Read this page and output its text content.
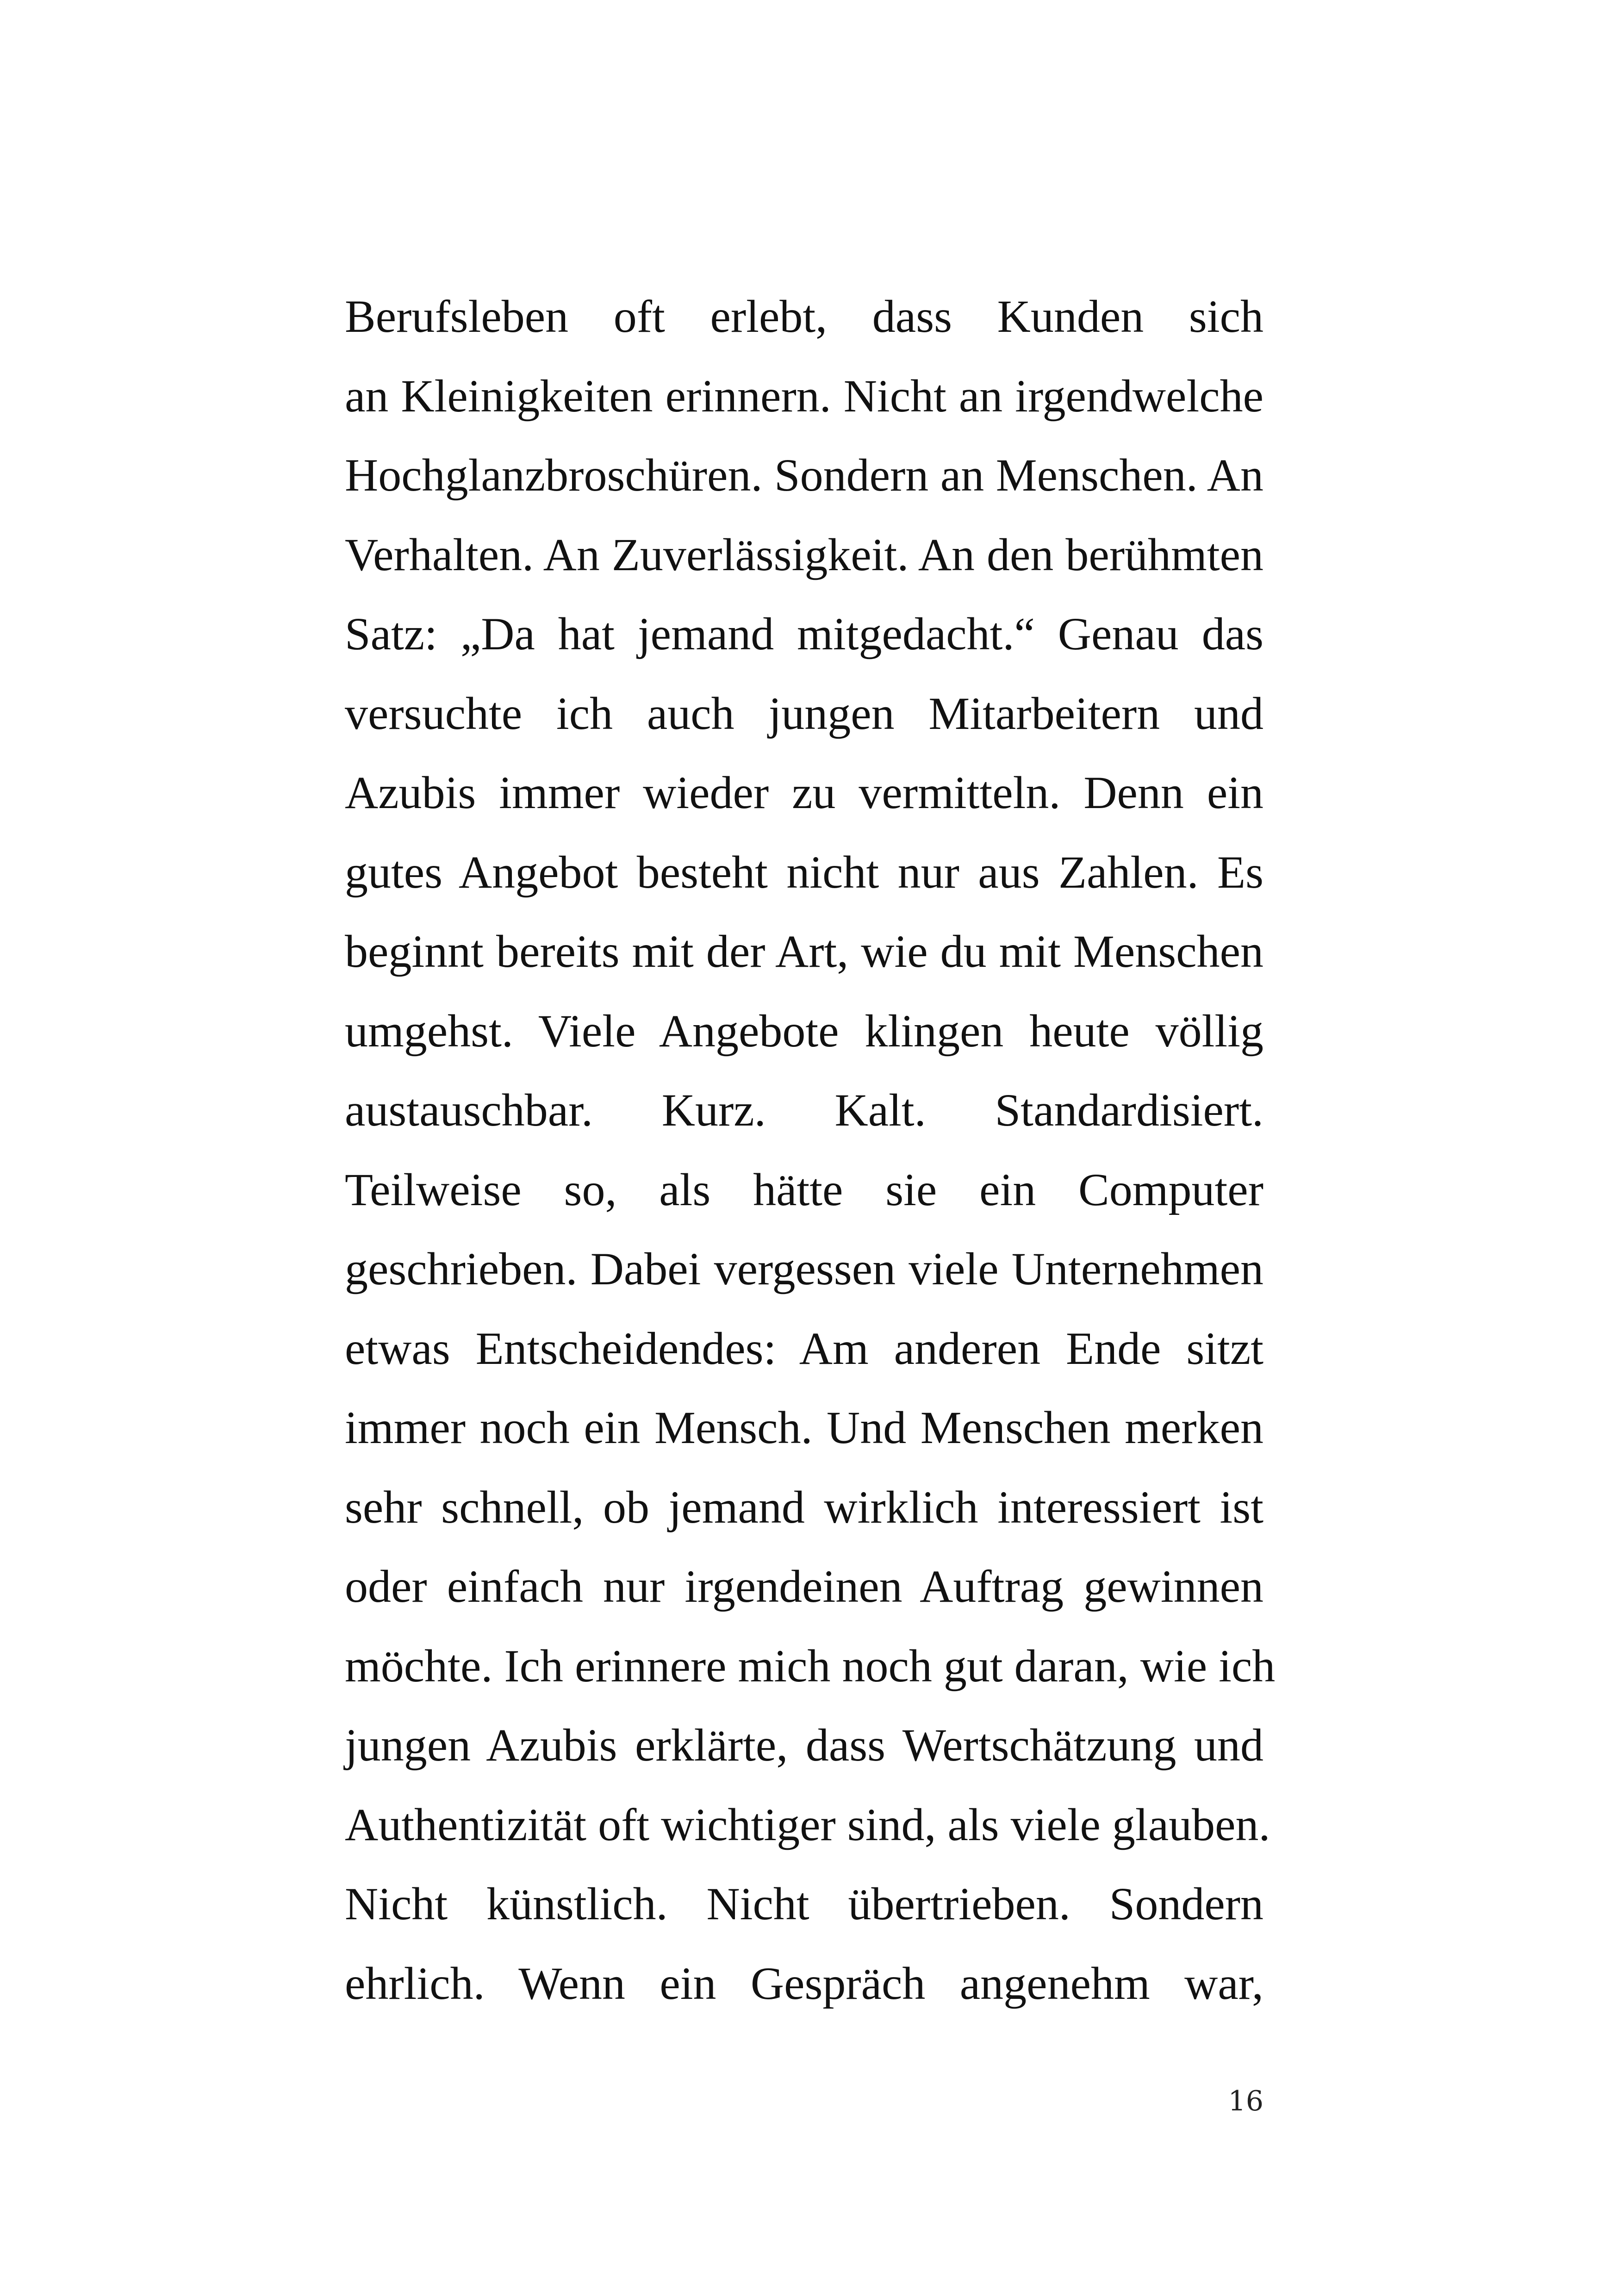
Berufsleben oft erlebt, dass Kunden sich
an Kleinigkeiten erinnern. Nicht an irgendwelche
Hochglanzbroschüren. Sondern an Menschen. An
Verhalten. An Zuverlässigkeit. An den berühmten
Satz: „Da hat jemand mitgedacht.“ Genau das
versuchte ich auch jungen Mitarbeitern und
Azubis immer wieder zu vermitteln. Denn ein
gutes Angebot besteht nicht nur aus Zahlen. Es
beginnt bereits mit der Art, wie du mit Menschen
umgehst. Viele Angebote klingen heute völlig
austauschbar. Kurz. Kalt. Standardisiert.
Teilweise so, als hätte sie ein Computer
geschrieben. Dabei vergessen viele Unternehmen
etwas Entscheidendes: Am anderen Ende sitzt
immer noch ein Mensch. Und Menschen merken
sehr schnell, ob jemand wirklich interessiert ist
oder einfach nur irgendeinen Auftrag gewinnen
möchte. Ich erinnere mich noch gut daran, wie ich
jungen Azubis erklärte, dass Wertschätzung und
Authentizität oft wichtiger sind, als viele glauben.
Nicht künstlich. Nicht übertrieben. Sondern
ehrlich. Wenn ein Gespräch angenehm war,
16
